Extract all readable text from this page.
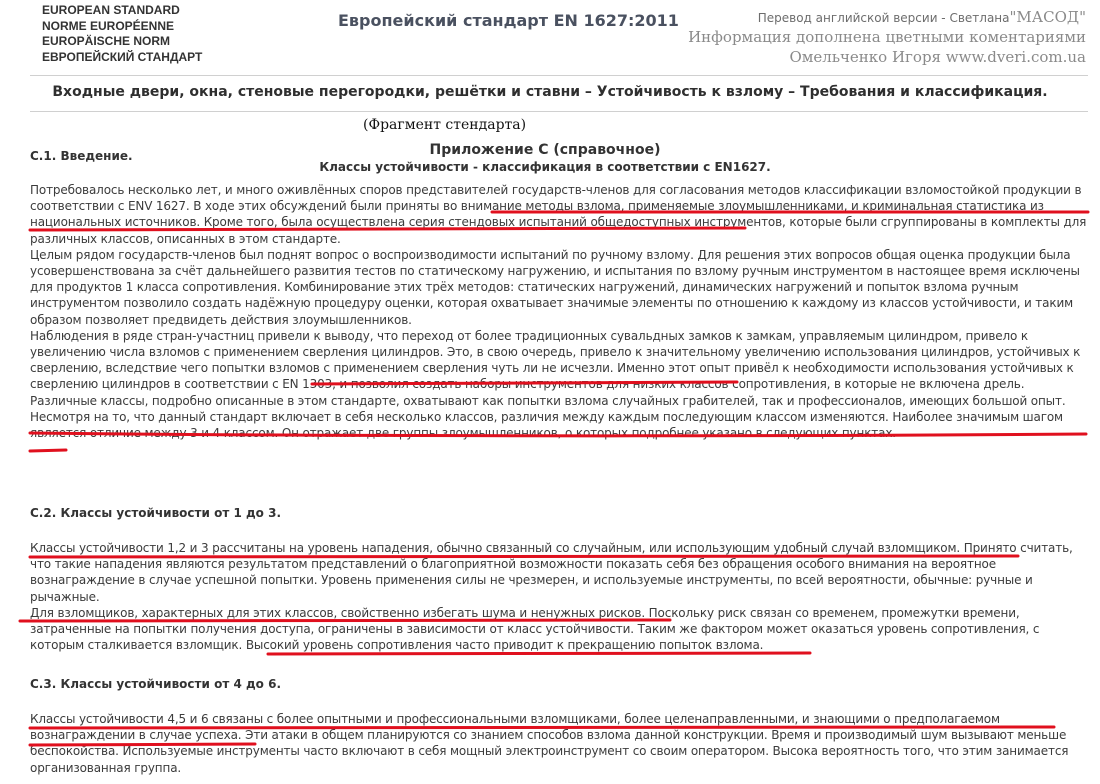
EUROPEAN STANDARD
NORME EUROPÉENNE
EUROPÄISCHE NORM
ЕВРОПЕЙСКИЙ СТАНДАРТ
Европейский стандарт EN 1627:2011	Перевод английской версии - Светлана"МАСОД"
Информация дополнена цветными коментариями
Омельченко Игоря www.dveri.com.ua
Входные двери, окна, стеновые перегородки, решётки и ставни – Устойчивость к взлому – Требования и классификация.
(Фрагмент стендарта)
Приложение С (справочное)
Классы устойчивости - классификация в соответствии с EN1627.
С.1. Введение.

Потребовалось несколько лет, и много оживлённых споров представителей государств-членов для согласования методов классификации взломостойкой продукции в соответствии с ENV 1627. В ходе этих обсуждений были приняты во внимание методы взлома, применяемые злоумышленниками, и криминальная статистика из национальных источников. Кроме того, была осуществлена серия стендовых испытаний общедоступных инструментов, которые были сгруппированы в комплекты для различных классов, описанных в этом стандарте.

Целым рядом государств-членов был поднят вопрос о воспроизводимости испытаний по ручному взлому. Для решения этих вопросов общая оценка продукции была усовершенствована за счёт дальнейшего развития тестов по статическому нагружению, и испытания по взлому ручным инструментом в настоящее время исключены для продуктов 1 класса сопротивления. Комбинирование этих трёх методов: статических нагружений, динамических нагружений и попыток взлома ручным инструментом позволило создать надёжную процедуру оценки, которая охватывает значимые элементы по отношению к каждому из классов устойчивости, и таким образом позволяет предвидеть действия злоумышленников.

Наблюдения в ряде стран-участниц привели к выводу, что переход от более традиционных сувальдных замков к замкам, управляемым цилиндром, привело к увеличению числа взломов с применением сверления цилиндров. Это, в свою очередь, привело к значительному увеличению использования цилиндров, устойчивых к сверлению, вследствие чего попытки взломов с применением сверления чуть ли не исчезли. Именно этот опыт привёл к необходимости использования устойчивых к сверлению цилиндров в соответствии с EN 1303, и позволил создать наборы инструментов для низких классов сопротивления, в которые не включена дрель.

Различные классы, подробно описанные в этом стандарте, охватывают как попытки взлома случайных грабителей, так и профессионалов, имеющих большой опыт.

Несмотря на то, что данный стандарт включает в себя несколько классов, различия между каждым последующим классом изменяются. Наиболее значимым шагом является отличие между 3 и 4 классом. Он отражает две группы злоумышленников, о которых подробнее указано в следующих пунктах.

С.2. Классы устойчивости от 1 до 3.

Классы устойчивости 1,2 и 3 рассчитаны на уровень нападения, обычно связанный со случайным, или использующим удобный случай взломщиком. Принято считать, что такие нападения являются результатом представлений о благоприятной возможности показать себя без обращения особого внимания на вероятное вознаграждение в случае успешной попытки. Уровень применения силы не чрезмерен, и используемые инструменты, по всей вероятности, обычные: ручные и рычажные.

Для взломщиков, характерных для этих классов, свойственно избегать шума и ненужных рисков. Поскольку риск связан со временем, промежутки времени, затраченные на попытки получения доступа, ограничены в зависимости от класс устойчивости. Таким же фактором может оказаться уровень сопротивления, с которым сталкивается взломщик. Высокий уровень сопротивления часто приводит к прекращению попыток взлома.

С.3. Классы устойчивости от 4 до 6.

Классы устойчивости 4,5 и 6 связаны с более опытными и профессиональными взломщиками, более целенаправленными, и знающими о предполагаемом вознаграждении в случае успеха. Эти атаки в общем планируются со знанием способов взлома данной конструкции. Время и производимый шум вызывают меньше беспокойства. Используемые инструменты часто включают в себя мощный электроинструмент со своим оператором. Высока вероятность того, что этим занимается организованная группа.
